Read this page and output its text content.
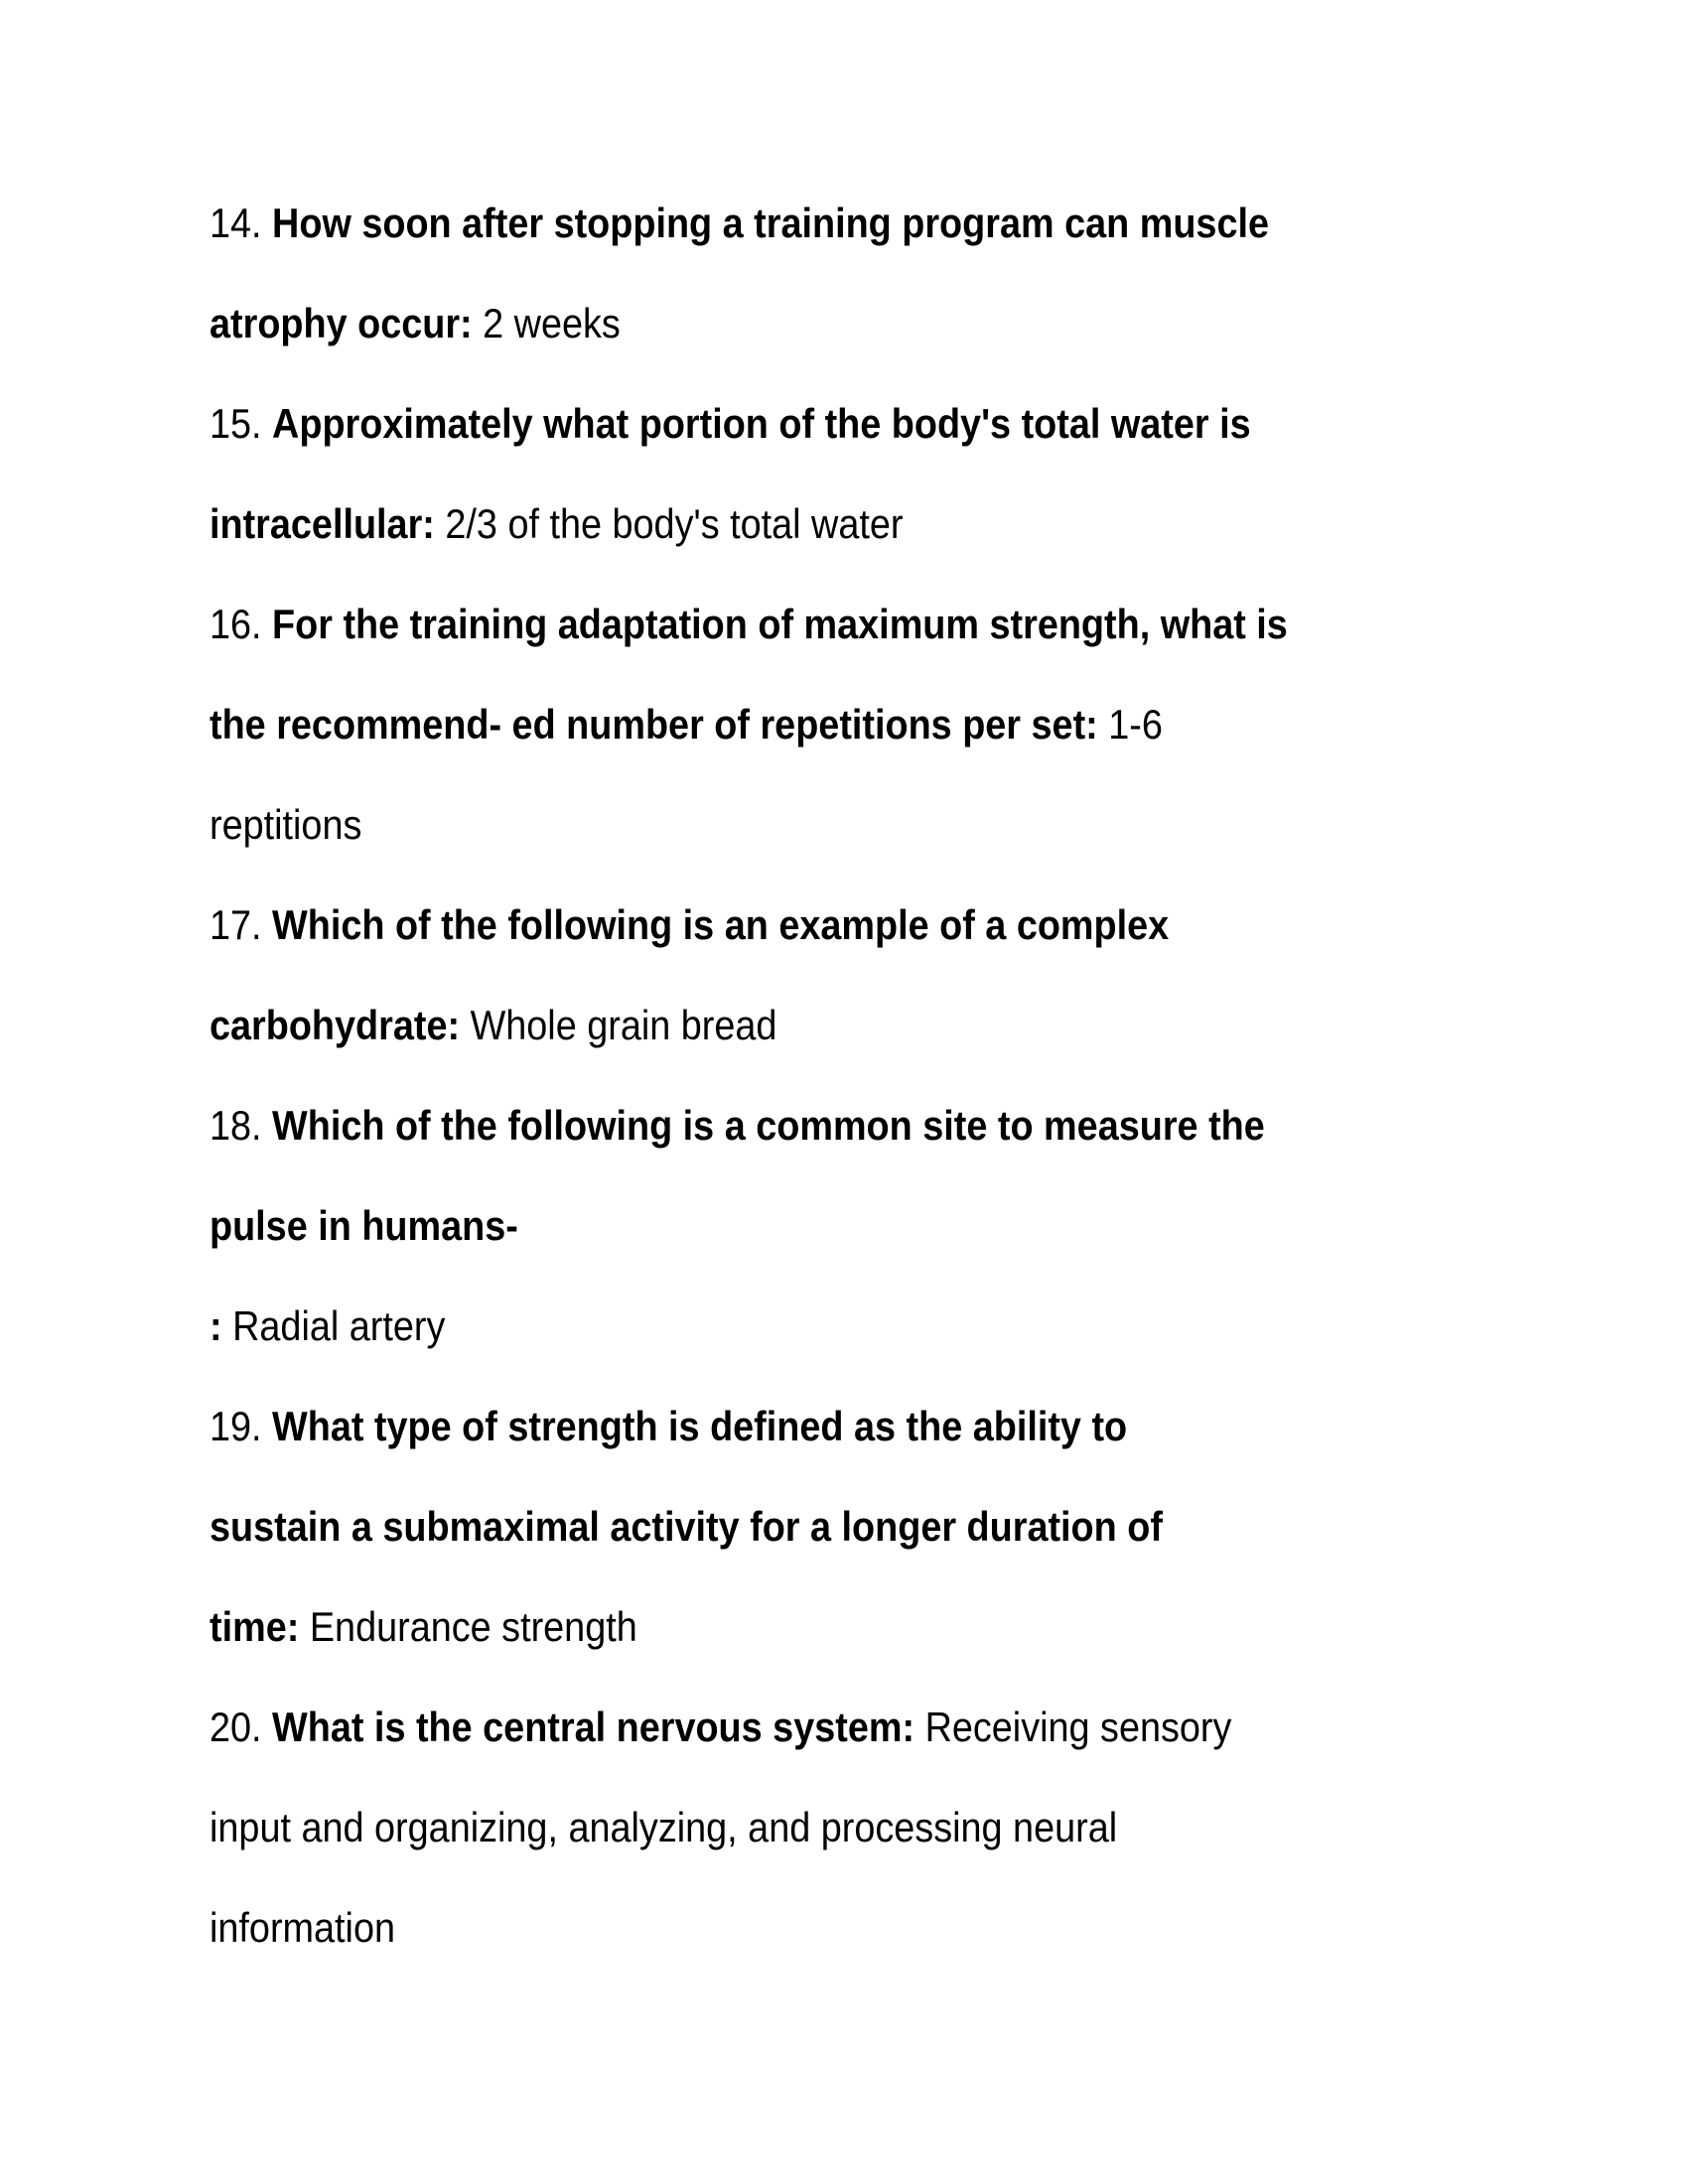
14. How soon after stopping a training program can muscle
atrophy occur: 2 weeks
15. Approximately what portion of the body's total water is
intracellular: 2/3 of the body's total water
16. For the training adaptation of maximum strength, what is
the recommend- ed number of repetitions per set: 1-6
reptitions
17. Which of the following is an example of a complex
carbohydrate: Whole grain bread
18. Which of the following is a common site to measure the
pulse in humans-
: Radial artery
19. What type of strength is defined as the ability to
sustain a submaximal activity for a longer duration of
time: Endurance strength
20. What is the central nervous system: Receiving sensory
input and organizing, analyzing, and processing neural
information
